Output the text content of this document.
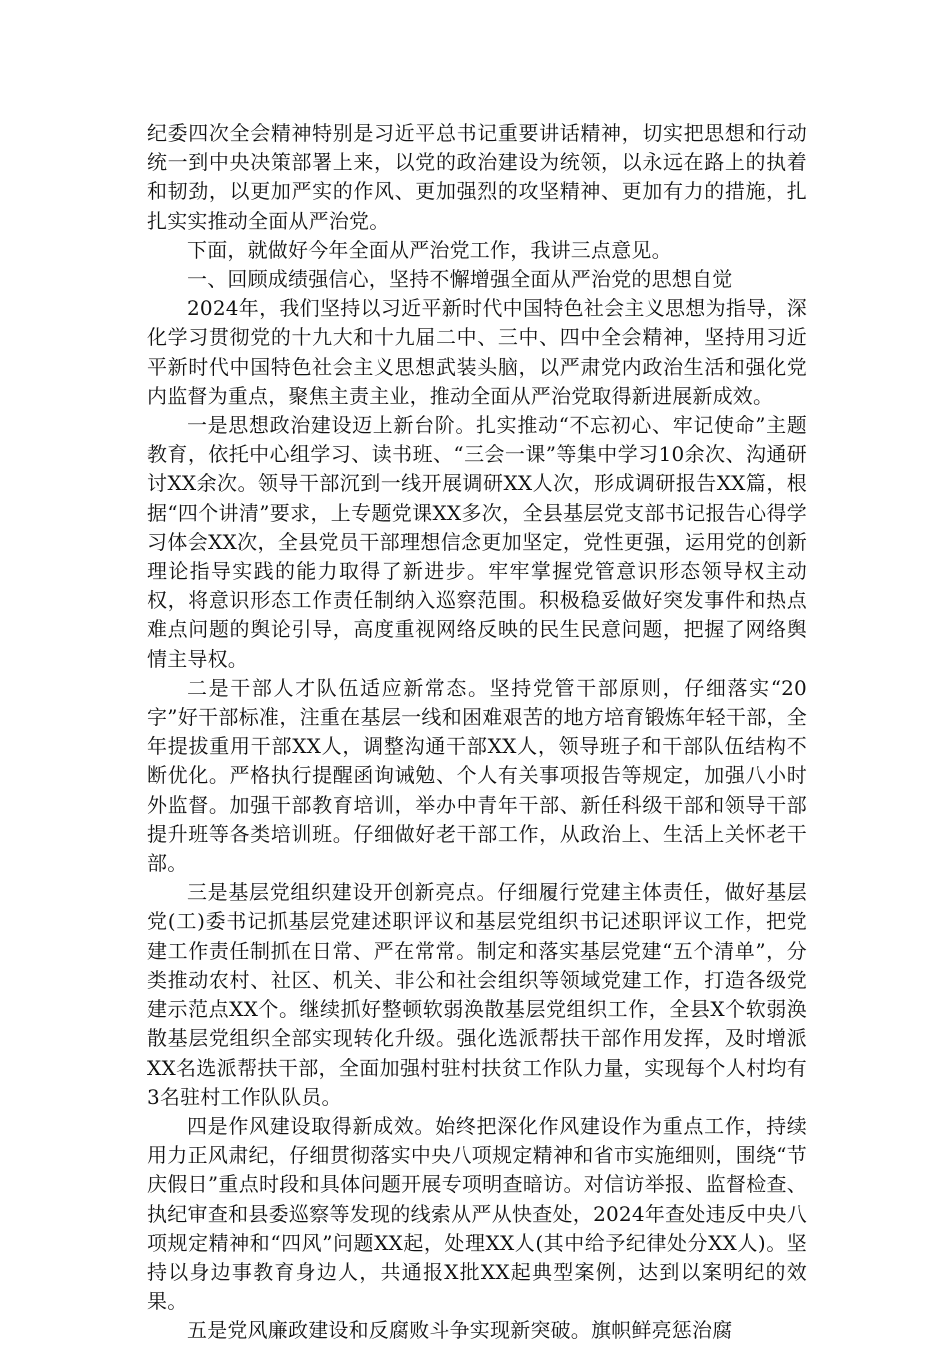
纪委四次全会精神特别是习近平总书记重要讲话精神，切实把思想和行动统一到中央决策部署上来，以党的政治建设为统领，以永远在路上的执着和韧劲，以更加严实的作风、更加强烈的攻坚精神、更加有力的措施，扎扎实实推动全面从严治党。

下面，就做好今年全面从严治党工作，我讲三点意见。

一、回顾成绩强信心，坚持不懈增强全面从严治党的思想自觉

2024年，我们坚持以习近平新时代中国特色社会主义思想为指导，深化学习贯彻党的十九大和十九届二中、三中、四中全会精神，坚持用习近平新时代中国特色社会主义思想武装头脑，以严肃党内政治生活和强化党内监督为重点，聚焦主责主业，推动全面从严治党取得新进展新成效。

一是思想政治建设迈上新台阶。扎实推动“不忘初心、牢记使命”主题教育，依托中心组学习、读书班、“三会一课”等集中学习10余次、沟通研讨XX余次。领导干部沉到一线开展调研XX人次，形成调研报告XX篇，根据“四个讲清”要求，上专题党课XX多次，全县基层党支部书记报告心得学习体会XX次，全县党员干部理想信念更加坚定，党性更强，运用党的创新理论指导实践的能力取得了新进步。牢牢掌握党管意识形态领导权主动权，将意识形态工作责任制纳入巡察范围。积极稳妥做好突发事件和热点难点问题的舆论引导，高度重视网络反映的民生民意问题，把握了网络舆情主导权。

二是干部人才队伍适应新常态。坚持党管干部原则，仔细落实“20字”好干部标准，注重在基层一线和困难艰苦的地方培育锻炼年轻干部，全年提拔重用干部XX人，调整沟通干部XX人，领导班子和干部队伍结构不断优化。严格执行提醒函询诫勉、个人有关事项报告等规定，加强八小时外监督。加强干部教育培训，举办中青年干部、新任科级干部和领导干部提升班等各类培训班。仔细做好老干部工作，从政治上、生活上关怀老干部。

三是基层党组织建设开创新亮点。仔细履行党建主体责任，做好基层党(工)委书记抓基层党建述职评议和基层党组织书记述职评议工作，把党建工作责任制抓在日常、严在常常。制定和落实基层党建“五个清单”，分类推动农村、社区、机关、非公和社会组织等领域党建工作，打造各级党建示范点XX个。继续抓好整顿软弱涣散基层党组织工作，全县X个软弱涣散基层党组织全部实现转化升级。强化选派帮扶干部作用发挥，及时增派XX名选派帮扶干部，全面加强村驻村扶贫工作队力量，实现每个人村均有3名驻村工作队队员。

四是作风建设取得新成效。始终把深化作风建设作为重点工作，持续用力正风肃纪，仔细贯彻落实中央八项规定精神和省市实施细则，围绕“节庆假日”重点时段和具体问题开展专项明查暗访。对信访举报、监督检查、执纪审查和县委巡察等发现的线索从严从快查处，2024年查处违反中央八项规定精神和“四风”问题XX起，处理XX人(其中给予纪律处分XX人)。坚持以身边事教育身边人，共通报X批XX起典型案例，达到以案明纪的效果。

五是党风廉政建设和反腐败斗争实现新突破。旗帜鲜亮惩治腐
